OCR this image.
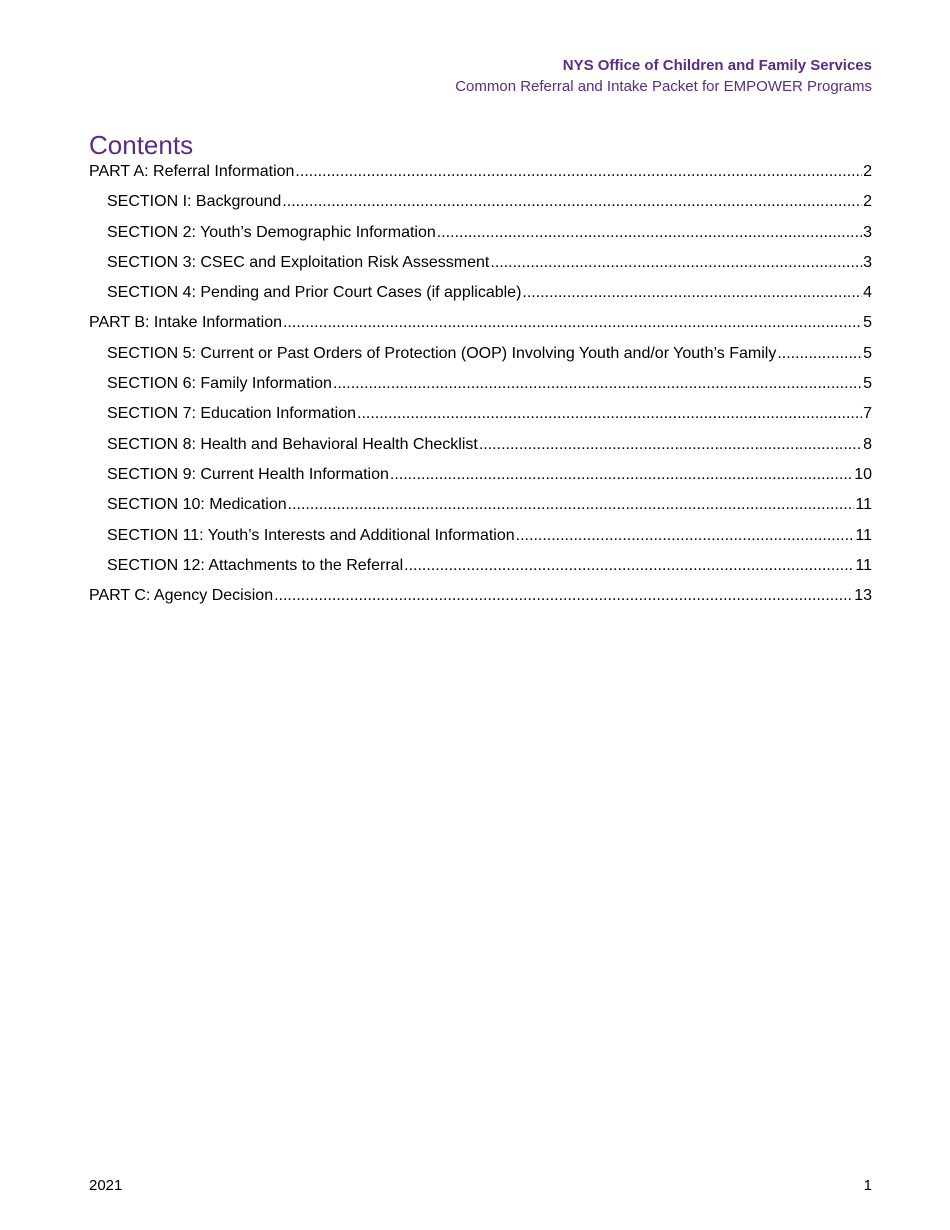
NYS Office of Children and Family Services
Common Referral and Intake Packet for EMPOWER Programs
Contents
PART A: Referral Information .....	2
SECTION I: Background .....	2
SECTION 2: Youth’s Demographic Information .....	3
SECTION 3: CSEC and Exploitation Risk Assessment .....	3
SECTION 4: Pending and Prior Court Cases (if applicable) .....	4
PART B: Intake Information .....	5
SECTION 5: Current or Past Orders of Protection (OOP) Involving Youth and/or Youth’s Family .....	5
SECTION 6: Family Information .....	5
SECTION 7: Education Information .....	7
SECTION 8: Health and Behavioral Health Checklist .....	8
SECTION 9: Current Health Information .....	10
SECTION 10: Medication .....	11
SECTION 11: Youth’s Interests and Additional Information .....	11
SECTION 12: Attachments to the Referral .....	11
PART C: Agency Decision .....	13
2021	1
